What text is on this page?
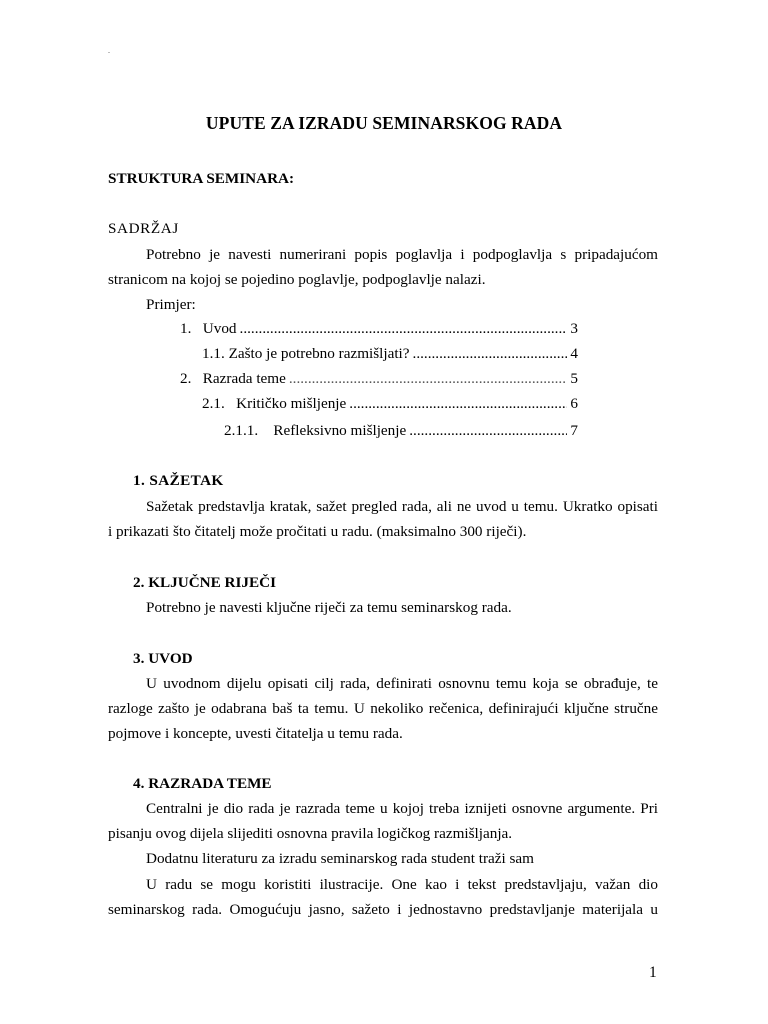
.
UPUTE ZA IZRADU SEMINARSKOG RADA
STRUKTURA SEMINARA:
SADRŽAJ
Potrebno je navesti numerirani popis poglavlja i podpoglavlja s pripadajućom
stranicom na kojoj se pojedino poglavlje, podpoglavlje nalazi.
Primjer:
1.   Uvod .....	3
1.1. Zašto je potrebno razmišljati? .....	4
2.   Razrada teme .....	5
2.1.   Kritičko mišljenje .....	6
2.1.1.    Refleksivno mišljenje .....	7
1. SAŽETAK
Sažetak predstavlja kratak, sažet pregled rada, ali ne uvod u temu. Ukratko opisati
i prikazati što čitatelj može pročitati u radu. (maksimalno 300 riječi).
2. KLJUČNE RIJEČI
Potrebno je navesti ključne riječi za temu seminarskog rada.
3. UVOD
U uvodnom dijelu opisati cilj rada, definirati osnovnu temu koja se obrađuje, te
razloge zašto je odabrana baš ta temu. U nekoliko rečenica, definirajući ključne stručne
pojmove i koncepte, uvesti čitatelja u temu rada.
4. RAZRADA TEME
Centralni je dio rada je razrada teme u kojoj treba iznijeti osnovne argumente. Pri
pisanju ovog dijela slijediti osnovna pravila logičkog razmišljanja.
Dodatnu literaturu za izradu seminarskog rada student traži sam
U radu se mogu koristiti ilustracije. One kao i tekst predstavljaju, važan dio
seminarskog rada. Omogućuju jasno, sažeto i jednostavno predstavljanje materijala u
1
